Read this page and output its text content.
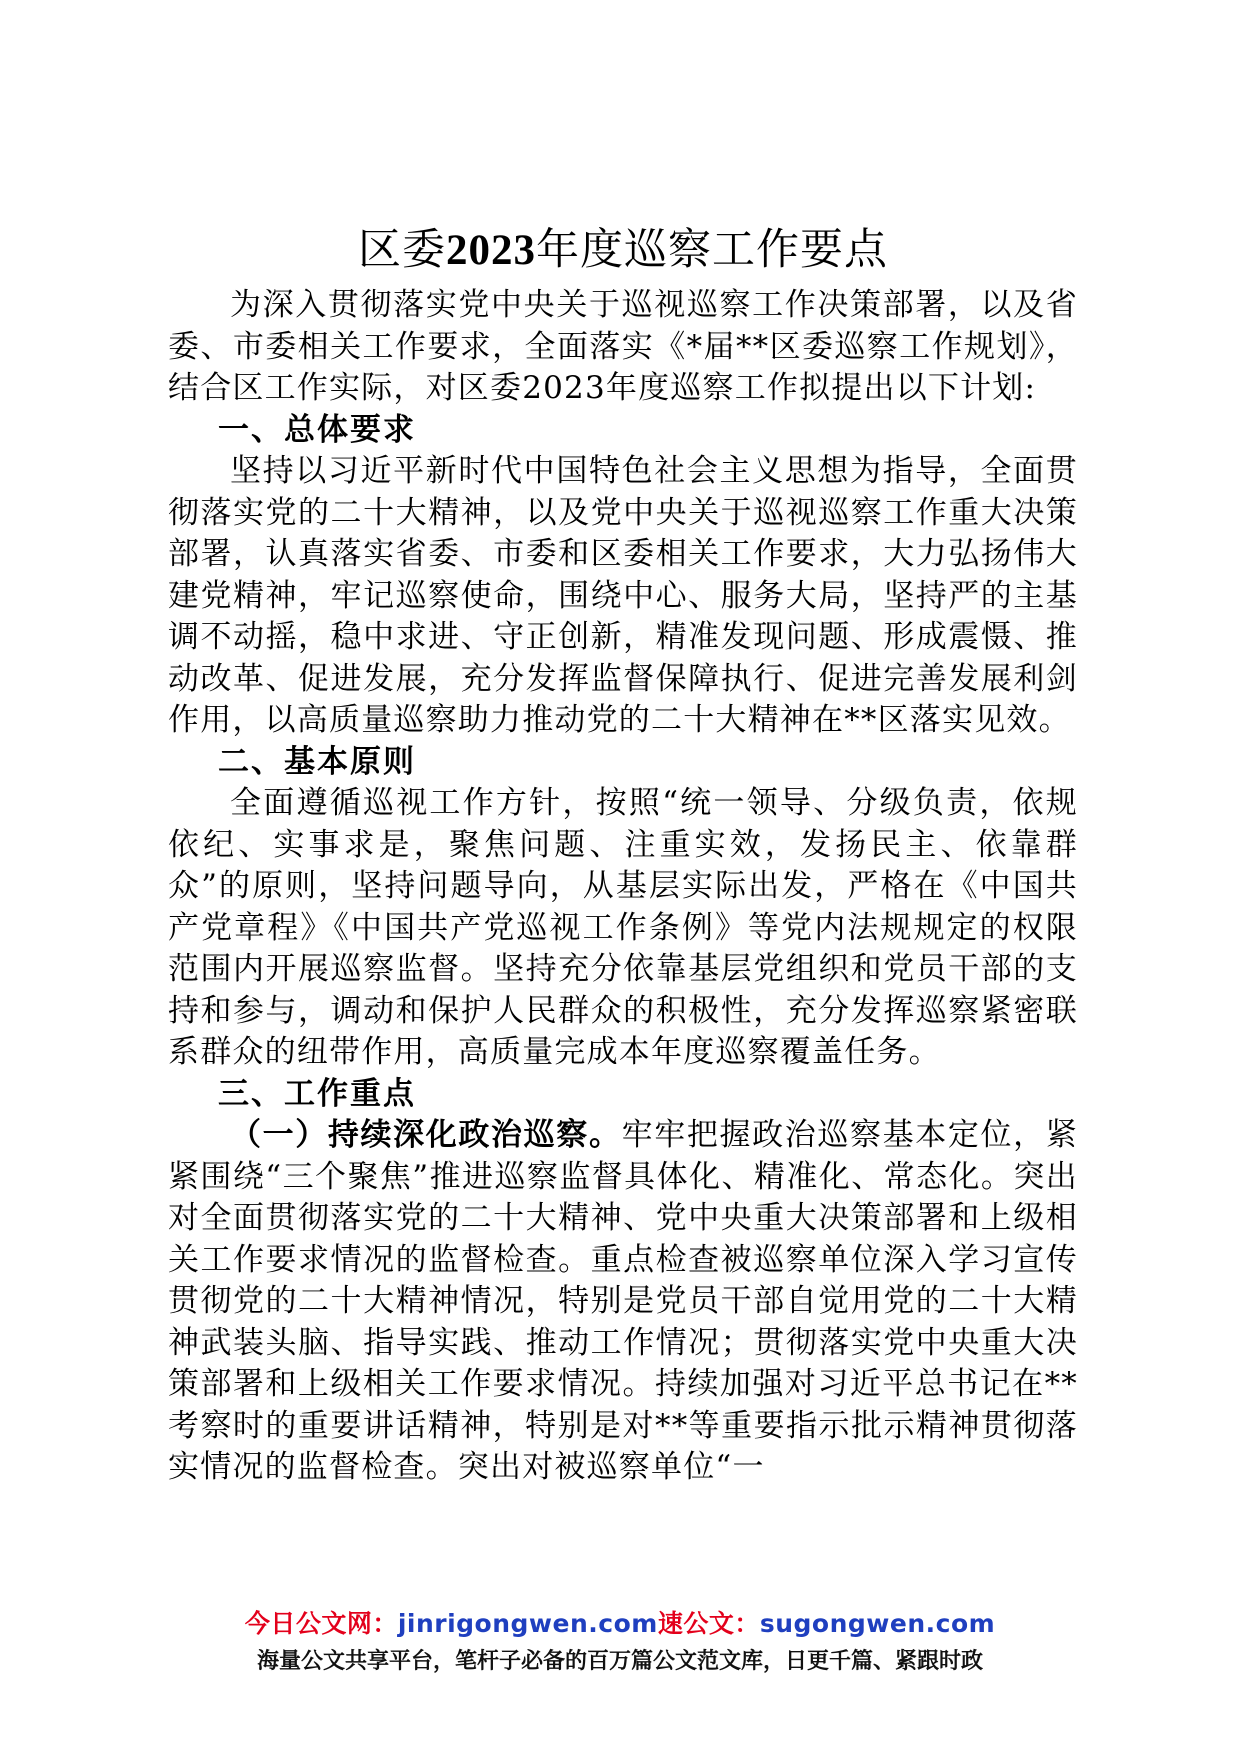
区委2023年度巡察工作要点

为深入贯彻落实党中央关于巡视巡察工作决策部署，以及省委、市委相关工作要求，全面落实《*届**区委巡察工作规划》，结合区工作实际，对区委2023年度巡察工作拟提出以下计划:

一、总体要求

坚持以习近平新时代中国特色社会主义思想为指导，全面贯彻落实党的二十大精神，以及党中央关于巡视巡察工作重大决策部署，认真落实省委、市委和区委相关工作要求，大力弘扬伟大建党精神，牢记巡察使命，围绕中心、服务大局，坚持严的主基调不动摇，稳中求进、守正创新，精准发现问题、形成震慑、推动改革、促进发展，充分发挥监督保障执行、促进完善发展利剑作用，以高质量巡察助力推动党的二十大精神在**区落实见效。

二、基本原则

全面遵循巡视工作方针，按照“统一领导、分级负责，依规依纪、实事求是，聚焦问题、注重实效，发扬民主、依靠群众”的原则，坚持问题导向，从基层实际出发，严格在《中国共产党章程》《中国共产党巡视工作条例》等党内法规规定的权限范围内开展巡察监督。坚持充分依靠基层党组织和党员干部的支持和参与，调动和保护人民群众的积极性，充分发挥巡察紧密联系群众的纽带作用，高质量完成本年度巡察覆盖任务。

三、工作重点

（一）持续深化政治巡察。牢牢把握政治巡察基本定位，紧紧围绕“三个聚焦”推进巡察监督具体化、精准化、常态化。突出对全面贯彻落实党的二十大精神、党中央重大决策部署和上级相关工作要求情况的监督检查。重点检查被巡察单位深入学习宣传贯彻党的二十大精神情况，特别是党员干部自觉用党的二十大精神武装头脑、指导实践、推动工作情况；贯彻落实党中央重大决策部署和上级相关工作要求情况。持续加强对习近平总书记在**考察时的重要讲话精神，特别是对**等重要指示批示精神贯彻落实情况的监督检查。突出对被巡察单位“一

今日公文网：jinrigongwen.com速公文：sugongwen.com
海量公文共享平台，笔杆子必备的百万篇公文范文库，日更千篇、紧跟时政
